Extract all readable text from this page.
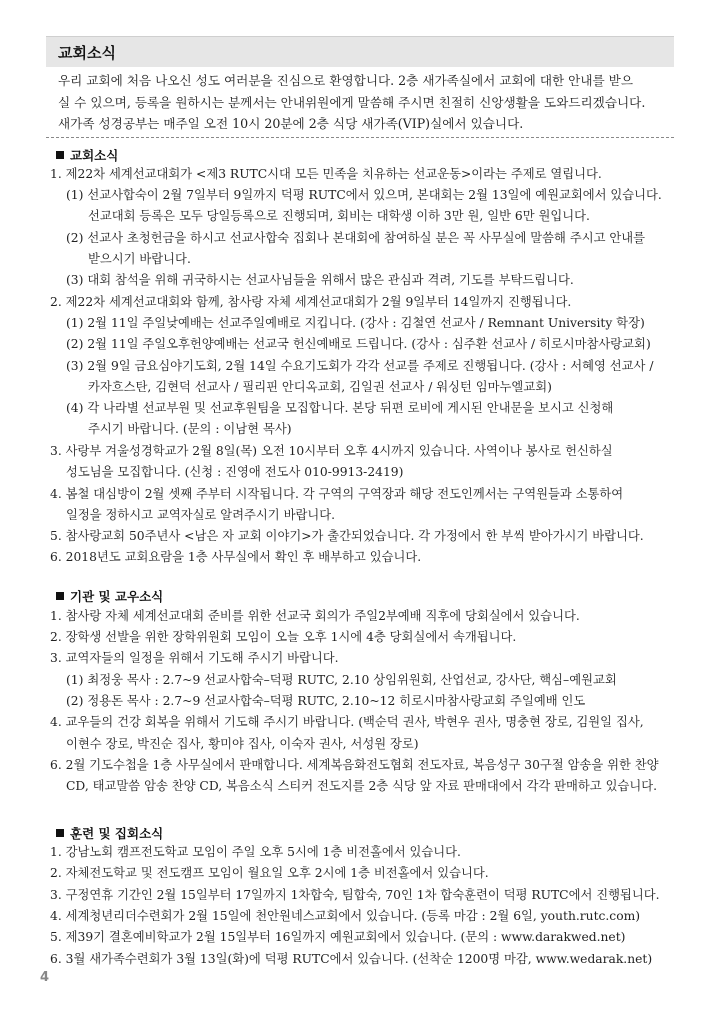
교회소식
우리 교회에 처음 나오신 성도 여러분을 진심으로 환영합니다. 2층 새가족실에서 교회에 대한 안내를 받으
실 수 있으며, 등록을 원하시는 분께서는 안내위원에게 말씀해 주시면 친절히 신앙생활을 도와드리겠습니다.
새가족 성경공부는 매주일 오전 10시 20분에 2층 식당 새가족(VIP)실에서 있습니다.
교회소식
1. 제22차 세계선교대회가 <제3 RUTC시대 모든 민족을 치유하는 선교운동>이라는 주제로 열립니다.
(1) 선교사합숙이 2월 7일부터 9일까지 덕평 RUTC에서 있으며, 본대회는 2월 13일에 예원교회에서 있습니다.
선교대회 등록은 모두 당일등록으로 진행되며, 회비는 대학생 이하 3만 원, 일반 6만 원입니다.
(2) 선교사 초청헌금을 하시고 선교사합숙 집회나 본대회에 참여하실 분은 꼭 사무실에 말씀해 주시고 안내를
받으시기 바랍니다.
(3) 대회 참석을 위해 귀국하시는 선교사님들을 위해서 많은 관심과 격려, 기도를 부탁드립니다.
2. 제22차 세계선교대회와 함께, 참사랑 자체 세계선교대회가 2월 9일부터 14일까지 진행됩니다.
(1) 2월 11일 주일낮예배는 선교주일예배로 지킵니다. (강사 : 김철연 선교사 / Remnant University 학장)
(2) 2월 11일 주일오후헌양예배는 선교국 헌신예배로 드립니다. (강사 : 심주환 선교사 / 히로시마참사랑교회)
(3) 2월 9일 금요심야기도회, 2월 14일 수요기도회가 각각 선교를 주제로 진행됩니다. (강사 : 서혜영 선교사 /
카자흐스탄, 김현덕 선교사 / 필리핀 안디옥교회, 김일권 선교사 / 워싱턴 임마누엘교회)
(4) 각 나라별 선교부원 및 선교후원팀을 모집합니다. 본당 뒤편 로비에 게시된 안내문을 보시고 신청해
주시기 바랍니다. (문의 : 이남현 목사)
3. 사랑부 겨울성경학교가 2월 8일(목) 오전 10시부터 오후 4시까지 있습니다. 사역이나 봉사로 헌신하실
성도님을 모집합니다. (신청 : 진영애 전도사 010-9913-2419)
4. 봄철 대심방이 2월 셋째 주부터 시작됩니다. 각 구역의 구역장과 해당 전도인께서는 구역원들과 소통하여
일정을 정하시고 교역자실로 알려주시기 바랍니다.
5. 참사랑교회 50주년사 <남은 자 교회 이야기>가 출간되었습니다. 각 가정에서 한 부씩 받아가시기 바랍니다.
6. 2018년도 교회요람을 1층 사무실에서 확인 후 배부하고 있습니다.
기관 및 교우소식
1. 참사랑 자체 세계선교대회 준비를 위한 선교국 회의가 주일2부예배 직후에 당회실에서 있습니다.
2. 장학생 선발을 위한 장학위원회 모임이 오늘 오후 1시에 4층 당회실에서 속개됩니다.
3. 교역자들의 일정을 위해서 기도해 주시기 바랍니다.
(1) 최정웅 목사 : 2.7~9 선교사합숙–덕평 RUTC, 2.10 상임위원회, 산업선교, 강사단, 핵심–예원교회
(2) 정용돈 목사 : 2.7~9 선교사합숙–덕평 RUTC, 2.10~12 히로시마참사랑교회 주일예배 인도
4. 교우들의 건강 회복을 위해서 기도해 주시기 바랍니다. (백순덕 권사, 박현우 권사, 명충현 장로, 김원일 집사,
이현수 장로, 박진순 집사, 황미야 집사, 이숙자 권사, 서성원 장로)
6. 2월 기도수첩을 1층 사무실에서 판매합니다. 세계복음화전도협회 전도자료, 복음성구 30구절 암송을 위한 찬양
CD, 태교말씀 암송 찬양 CD, 복음소식 스티커 전도지를 2층 식당 앞 자료 판매대에서 각각 판매하고 있습니다.
훈련 및 집회소식
1. 강남노회 캠프전도학교 모임이 주일 오후 5시에 1층 비전홀에서 있습니다.
2. 자체전도학교 및 전도캠프 모임이 월요일 오후 2시에 1층 비전홀에서 있습니다.
3. 구정연휴 기간인 2월 15일부터 17일까지 1차합숙, 팀합숙, 70인 1차 합숙훈련이 덕평 RUTC에서 진행됩니다.
4. 세계청년리더수련회가 2월 15일에 천안원네스교회에서 있습니다. (등록 마감 : 2월 6일, youth.rutc.com)
5. 제39기 결혼예비학교가 2월 15일부터 16일까지 예원교회에서 있습니다. (문의 : www.darakwed.net)
6. 3월 새가족수련회가 3월 13일(화)에 덕평 RUTC에서 있습니다. (선착순 1200명 마감, www.wedarak.net)
4
